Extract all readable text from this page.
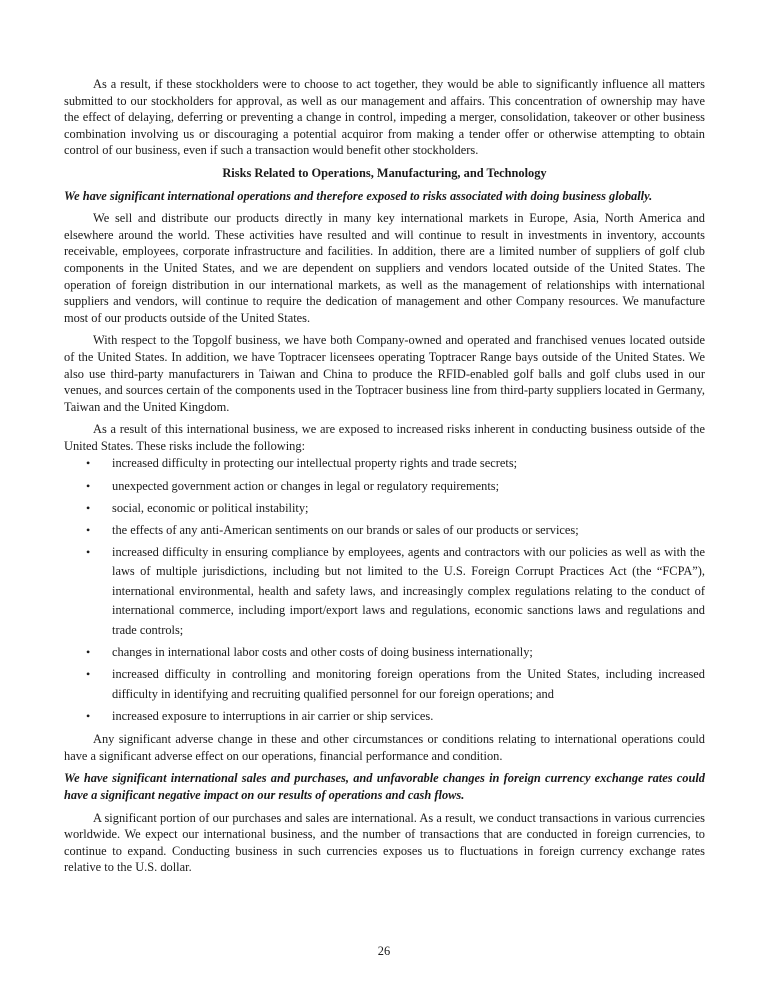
As a result, if these stockholders were to choose to act together, they would be able to significantly influence all matters submitted to our stockholders for approval, as well as our management and affairs. This concentration of ownership may have the effect of delaying, deferring or preventing a change in control, impeding a merger, consolidation, takeover or other business combination involving us or discouraging a potential acquiror from making a tender offer or otherwise attempting to obtain control of our business, even if such a transaction would benefit other stockholders.

Risks Related to Operations, Manufacturing, and Technology

We have significant international operations and therefore exposed to risks associated with doing business globally.

We sell and distribute our products directly in many key international markets in Europe, Asia, North America and elsewhere around the world. These activities have resulted and will continue to result in investments in inventory, accounts receivable, employees, corporate infrastructure and facilities. In addition, there are a limited number of suppliers of golf club components in the United States, and we are dependent on suppliers and vendors located outside of the United States. The operation of foreign distribution in our international markets, as well as the management of relationships with international suppliers and vendors, will continue to require the dedication of management and other Company resources. We manufacture most of our products outside of the United States.

With respect to the Topgolf business, we have both Company-owned and operated and franchised venues located outside of the United States. In addition, we have Toptracer licensees operating Toptracer Range bays outside of the United States. We also use third-party manufacturers in Taiwan and China to produce the RFID-enabled golf balls and golf clubs used in our venues, and sources certain of the components used in the Toptracer business line from third-party suppliers located in Germany, Taiwan and the United Kingdom.

As a result of this international business, we are exposed to increased risks inherent in conducting business outside of the United States. These risks include the following:

• increased difficulty in protecting our intellectual property rights and trade secrets;
• unexpected government action or changes in legal or regulatory requirements;
• social, economic or political instability;
• the effects of any anti-American sentiments on our brands or sales of our products or services;
• increased difficulty in ensuring compliance by employees, agents and contractors with our policies as well as with the laws of multiple jurisdictions, including but not limited to the U.S. Foreign Corrupt Practices Act (the “FCPA”), international environmental, health and safety laws, and increasingly complex regulations relating to the conduct of international commerce, including import/export laws and regulations, economic sanctions laws and regulations and trade controls;
• changes in international labor costs and other costs of doing business internationally;
• increased difficulty in controlling and monitoring foreign operations from the United States, including increased difficulty in identifying and recruiting qualified personnel for our foreign operations; and
• increased exposure to interruptions in air carrier or ship services.

Any significant adverse change in these and other circumstances or conditions relating to international operations could have a significant adverse effect on our operations, financial performance and condition.

We have significant international sales and purchases, and unfavorable changes in foreign currency exchange rates could have a significant negative impact on our results of operations and cash flows.

A significant portion of our purchases and sales are international. As a result, we conduct transactions in various currencies worldwide. We expect our international business, and the number of transactions that are conducted in foreign currencies, to continue to expand. Conducting business in such currencies exposes us to fluctuations in foreign currency exchange rates relative to the U.S. dollar.

26
